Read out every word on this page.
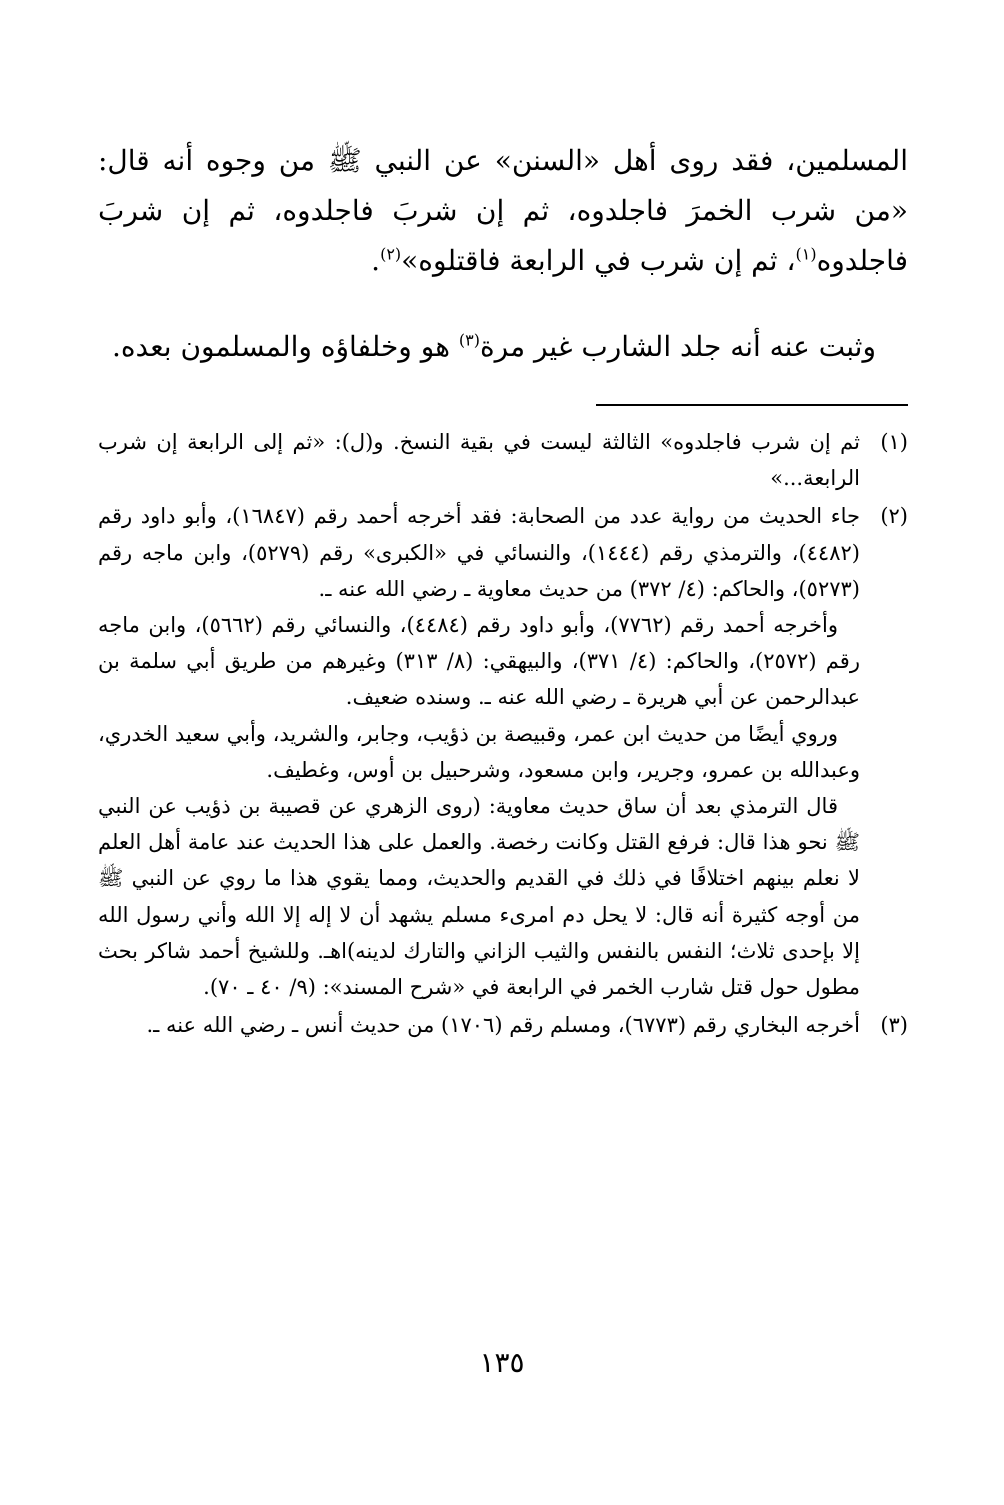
المسلمين، فقد روى أهل «السنن» عن النبي ﷺ من وجوه أنه قال: «من شرب الخمرَ فاجلدوه، ثم إن شربَ فاجلدوه، ثم إن شربَ فاجلدوه$^{(١)}$، ثم إن شرب في الرابعة فاقتلوه»$^{(٢)}$.

وثبت عنه أنه جلد الشارب غير مرة$^{(٣)}$ هو وخلفاؤه والمسلمون بعده.

(١)
ثم إن شرب فاجلدوه» الثالثة ليست في بقية النسخ. و(ل): «ثم إلى الرابعة إن شرب الرابعة...»
(٢)
جاء الحديث من رواية عدد من الصحابة: فقد أخرجه أحمد رقم (١٦٨٤٧)، وأبو داود رقم (٤٤٨٢)، والترمذي رقم (١٤٤٤)، والنسائي في «الكبرى» رقم (٥٢٧٩)، وابن ماجه رقم (٥٢٧٣)، والحاكم: (٤/ ٣٧٢) من حديث معاوية ـ رضي الله عنه ـ.
وأخرجه أحمد رقم (٧٧٦٢)، وأبو داود رقم (٤٤٨٤)، والنسائي رقم (٥٦٦٢)، وابن ماجه رقم (٢٥٧٢)، والحاكم: (٤/ ٣٧١)، والبيهقي: (٨/ ٣١٣) وغيرهم من طريق أبي سلمة بن عبدالرحمن عن أبي هريرة ـ رضي الله عنه ـ. وسنده ضعيف.
وروي أيضًا من حديث ابن عمر، وقبيصة بن ذؤيب، وجابر، والشريد، وأبي سعيد الخدري، وعبدالله بن عمرو، وجرير، وابن مسعود، وشرحبيل بن أوس، وغطيف.
قال الترمذي بعد أن ساق حديث معاوية: (روى الزهري عن قصيبة بن ذؤيب عن النبي ﷺ نحو هذا قال: فرفع القتل وكانت رخصة. والعمل على هذا الحديث عند عامة أهل العلم لا نعلم بينهم اختلافًا في ذلك في القديم والحديث، ومما يقوي هذا ما روي عن النبي ﷺ من أوجه كثيرة أنه قال: لا يحل دم امرىء مسلم يشهد أن لا إله إلا الله وأني رسول الله إلا بإحدى ثلاث؛ النفس بالنفس والثيب الزاني والتارك لدينه)اهـ. وللشيخ أحمد شاكر بحث مطول حول قتل شارب الخمر في الرابعة في «شرح المسند»: (٩/ ٤٠ ـ ٧٠).
(٣)
أخرجه البخاري رقم (٦٧٧٣)، ومسلم رقم (١٧٠٦) من حديث أنس ـ رضي الله عنه ـ.
١٣٥
